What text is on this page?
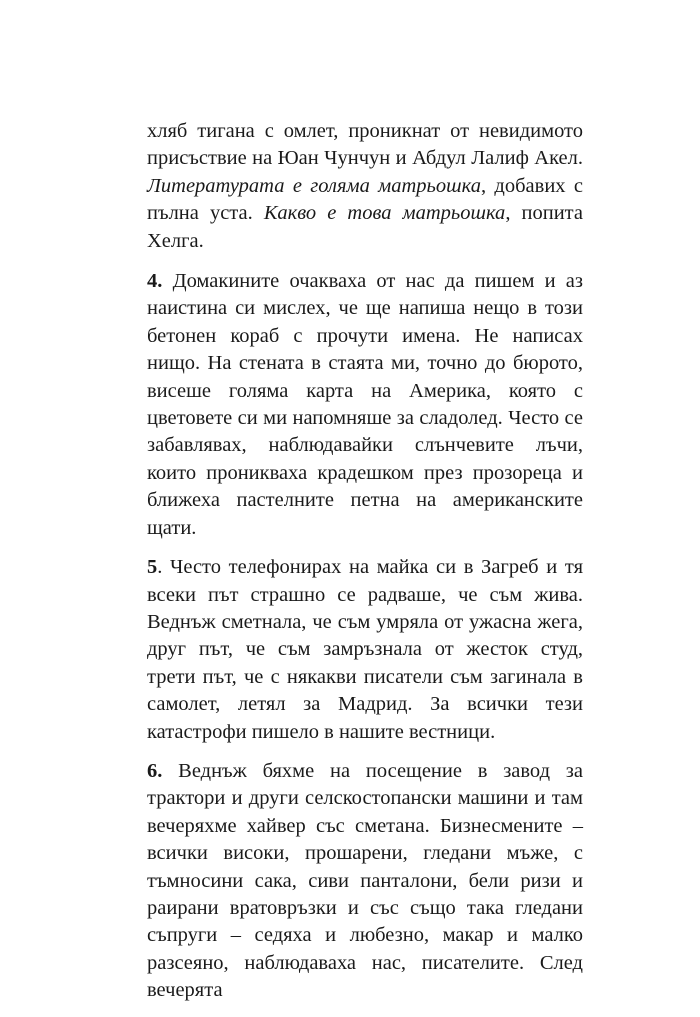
хляб тигана с омлет, проникнат от невидимото присъствие на Юан Чунчун и Абдул Лалиф Акел. Литературата е голяма матрьошка, добавих с пълна уста. Какво е това матрьошка, попита Хелга.

4. Домакините очакваха от нас да пишем и аз наистина си мислех, че ще напиша нещо в този бетонен кораб с прочути имена. Не написах нищо. На стената в стаята ми, точно до бюрото, висеше голяма карта на Америка, която с цветовете си ми напомняше за сладолед. Често се забавлявах, наблюдавайки слънчевите лъчи, които проникваха крадешком през прозореца и ближеха пастелните петна на американските щати.

5. Често телефонирах на майка си в Загреб и тя всеки път страшно се радваше, че съм жива. Веднъж сметнала, че съм умряла от ужасна жега, друг път, че съм замръзнала от жесток студ, трети път, че с някакви писатели съм загинала в самолет, летял за Мадрид. За всички тези катастрофи пишело в нашите вестници.

6. Веднъж бяхме на посещение в завод за трактори и други селскостопански машини и там вечеряхме хайвер със сметана. Бизнесмените – всички високи, прошарени, гледани мъже, с тъмносини сака, сиви панталони, бели ризи и раирани вратовръзки и със също така гледани съпруги – седяха и любезно, макар и малко разсеяно, наблюдаваха нас, писателите. След вечерята
